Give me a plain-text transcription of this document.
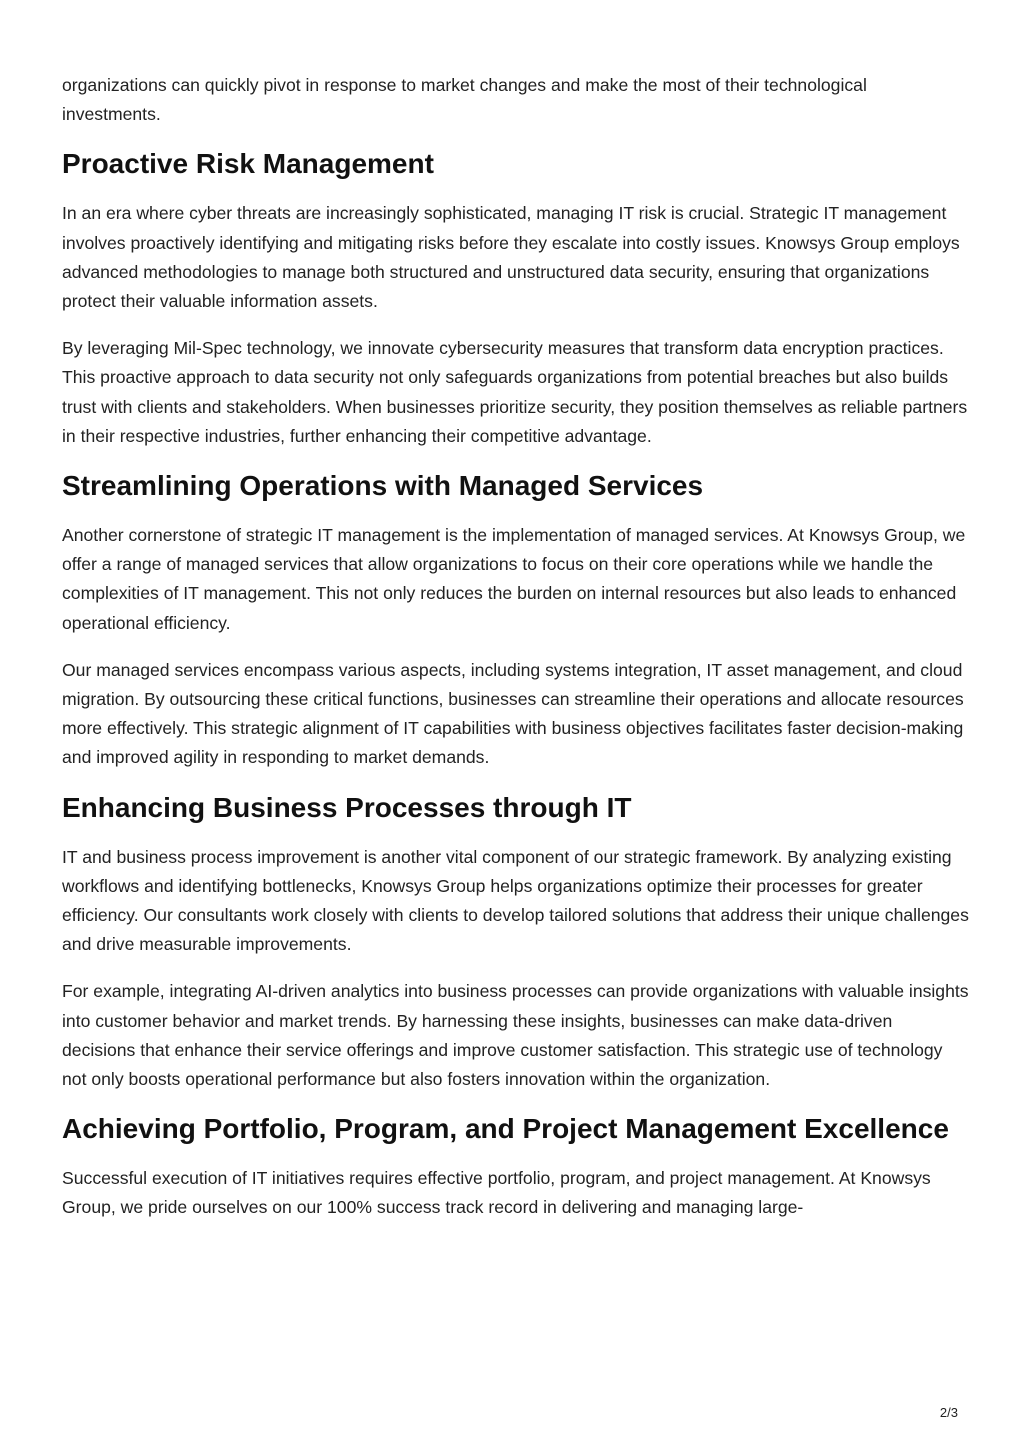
organizations can quickly pivot in response to market changes and make the most of their technological investments.

Proactive Risk Management

In an era where cyber threats are increasingly sophisticated, managing IT risk is crucial. Strategic IT management involves proactively identifying and mitigating risks before they escalate into costly issues. Knowsys Group employs advanced methodologies to manage both structured and unstructured data security, ensuring that organizations protect their valuable information assets.

By leveraging Mil-Spec technology, we innovate cybersecurity measures that transform data encryption practices. This proactive approach to data security not only safeguards organizations from potential breaches but also builds trust with clients and stakeholders. When businesses prioritize security, they position themselves as reliable partners in their respective industries, further enhancing their competitive advantage.

Streamlining Operations with Managed Services

Another cornerstone of strategic IT management is the implementation of managed services. At Knowsys Group, we offer a range of managed services that allow organizations to focus on their core operations while we handle the complexities of IT management. This not only reduces the burden on internal resources but also leads to enhanced operational efficiency.

Our managed services encompass various aspects, including systems integration, IT asset management, and cloud migration. By outsourcing these critical functions, businesses can streamline their operations and allocate resources more effectively. This strategic alignment of IT capabilities with business objectives facilitates faster decision-making and improved agility in responding to market demands.

Enhancing Business Processes through IT

IT and business process improvement is another vital component of our strategic framework. By analyzing existing workflows and identifying bottlenecks, Knowsys Group helps organizations optimize their processes for greater efficiency. Our consultants work closely with clients to develop tailored solutions that address their unique challenges and drive measurable improvements.

For example, integrating AI-driven analytics into business processes can provide organizations with valuable insights into customer behavior and market trends. By harnessing these insights, businesses can make data-driven decisions that enhance their service offerings and improve customer satisfaction. This strategic use of technology not only boosts operational performance but also fosters innovation within the organization.

Achieving Portfolio, Program, and Project Management Excellence

Successful execution of IT initiatives requires effective portfolio, program, and project management. At Knowsys Group, we pride ourselves on our 100% success track record in delivering and managing large-

2/3
